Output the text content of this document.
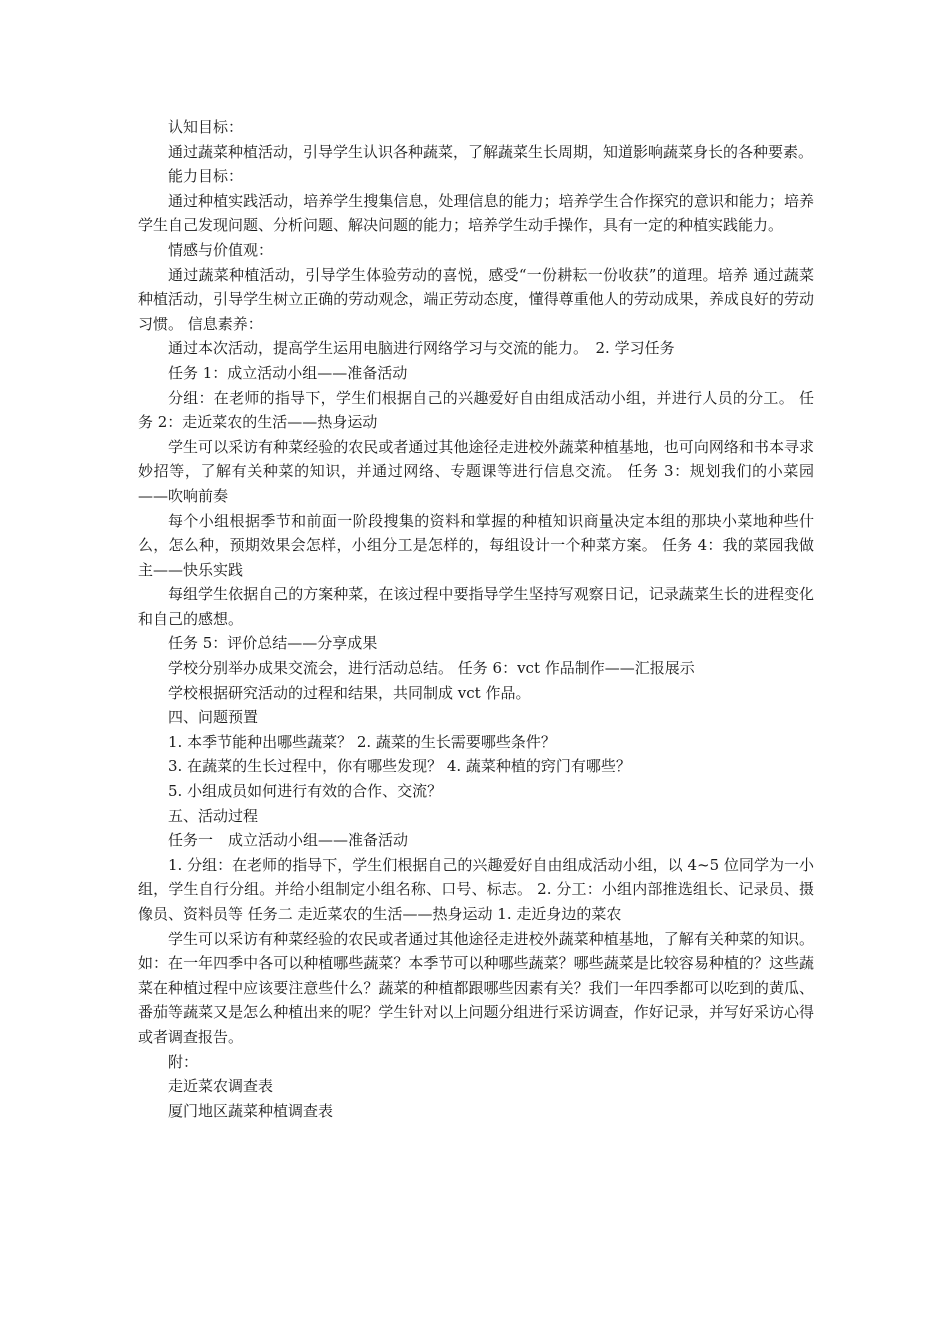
认知目标：

通过蔬菜种植活动，引导学生认识各种蔬菜，了解蔬菜生长周期，知道影响蔬菜身长的各种要素。

能力目标：

通过种植实践活动，培养学生搜集信息，处理信息的能力；培养学生合作探究的意识和能力；培养学生自己发现问题、分析问题、解决问题的能力；培养学生动手操作，具有一定的种植实践能力。

情感与价值观：

通过蔬菜种植活动，引导学生体验劳动的喜悦，感受“一份耕耘一份收获”的道理。培养 通过蔬菜种植活动，引导学生树立正确的劳动观念，端正劳动态度，懂得尊重他人的劳动成果，养成良好的劳动习惯。 信息素养：

通过本次活动，提高学生运用电脑进行网络学习与交流的能力。　2. 学习任务

任务 1：成立活动小组——准备活动

分组：在老师的指导下，学生们根据自己的兴趣爱好自由组成活动小组，并进行人员的分工。 任务 2：走近菜农的生活——热身运动

学生可以采访有种菜经验的农民或者通过其他途径走进校外蔬菜种植基地，也可向网络和书本寻求妙招等，了解有关种菜的知识，并通过网络、专题课等进行信息交流。 任务 3：规划我们的小菜园——吹响前奏

每个小组根据季节和前面一阶段搜集的资料和掌握的种植知识商量决定本组的那块小菜地种些什么，怎么种，预期效果会怎样，小组分工是怎样的，每组设计一个种菜方案。 任务 4：我的菜园我做主——快乐实践

每组学生依据自己的方案种菜，在该过程中要指导学生坚持写观察日记，记录蔬菜生长的进程变化和自己的感想。

任务 5：评价总结——分享成果

学校分别举办成果交流会，进行活动总结。 任务 6：vct 作品制作——汇报展示

学校根据研究活动的过程和结果，共同制成 vct 作品。

四、问题预置

1. 本季节能种出哪些蔬菜？ 2. 蔬菜的生长需要哪些条件？

3. 在蔬菜的生长过程中，你有哪些发现？ 4. 蔬菜种植的窍门有哪些？

5. 小组成员如何进行有效的合作、交流？

五、活动过程

任务一　成立活动小组——准备活动

1. 分组：在老师的指导下，学生们根据自己的兴趣爱好自由组成活动小组，以 4~5 位同学为一小组，学生自行分组。并给小组制定小组名称、口号、标志。 2. 分工：小组内部推选组长、记录员、摄像员、资料员等 任务二 走近菜农的生活——热身运动 1. 走近身边的菜农

学生可以采访有种菜经验的农民或者通过其他途径走进校外蔬菜种植基地，了解有关种菜的知识。如：在一年四季中各可以种植哪些蔬菜？本季节可以种哪些蔬菜？哪些蔬菜是比较容易种植的？这些蔬菜在种植过程中应该要注意些什么？蔬菜的种植都跟哪些因素有关？我们一年四季都可以吃到的黄瓜、番茄等蔬菜又是怎么种植出来的呢？学生针对以上问题分组进行采访调查，作好记录，并写好采访心得或者调查报告。

附：

走近菜农调查表

厦门地区蔬菜种植调查表
